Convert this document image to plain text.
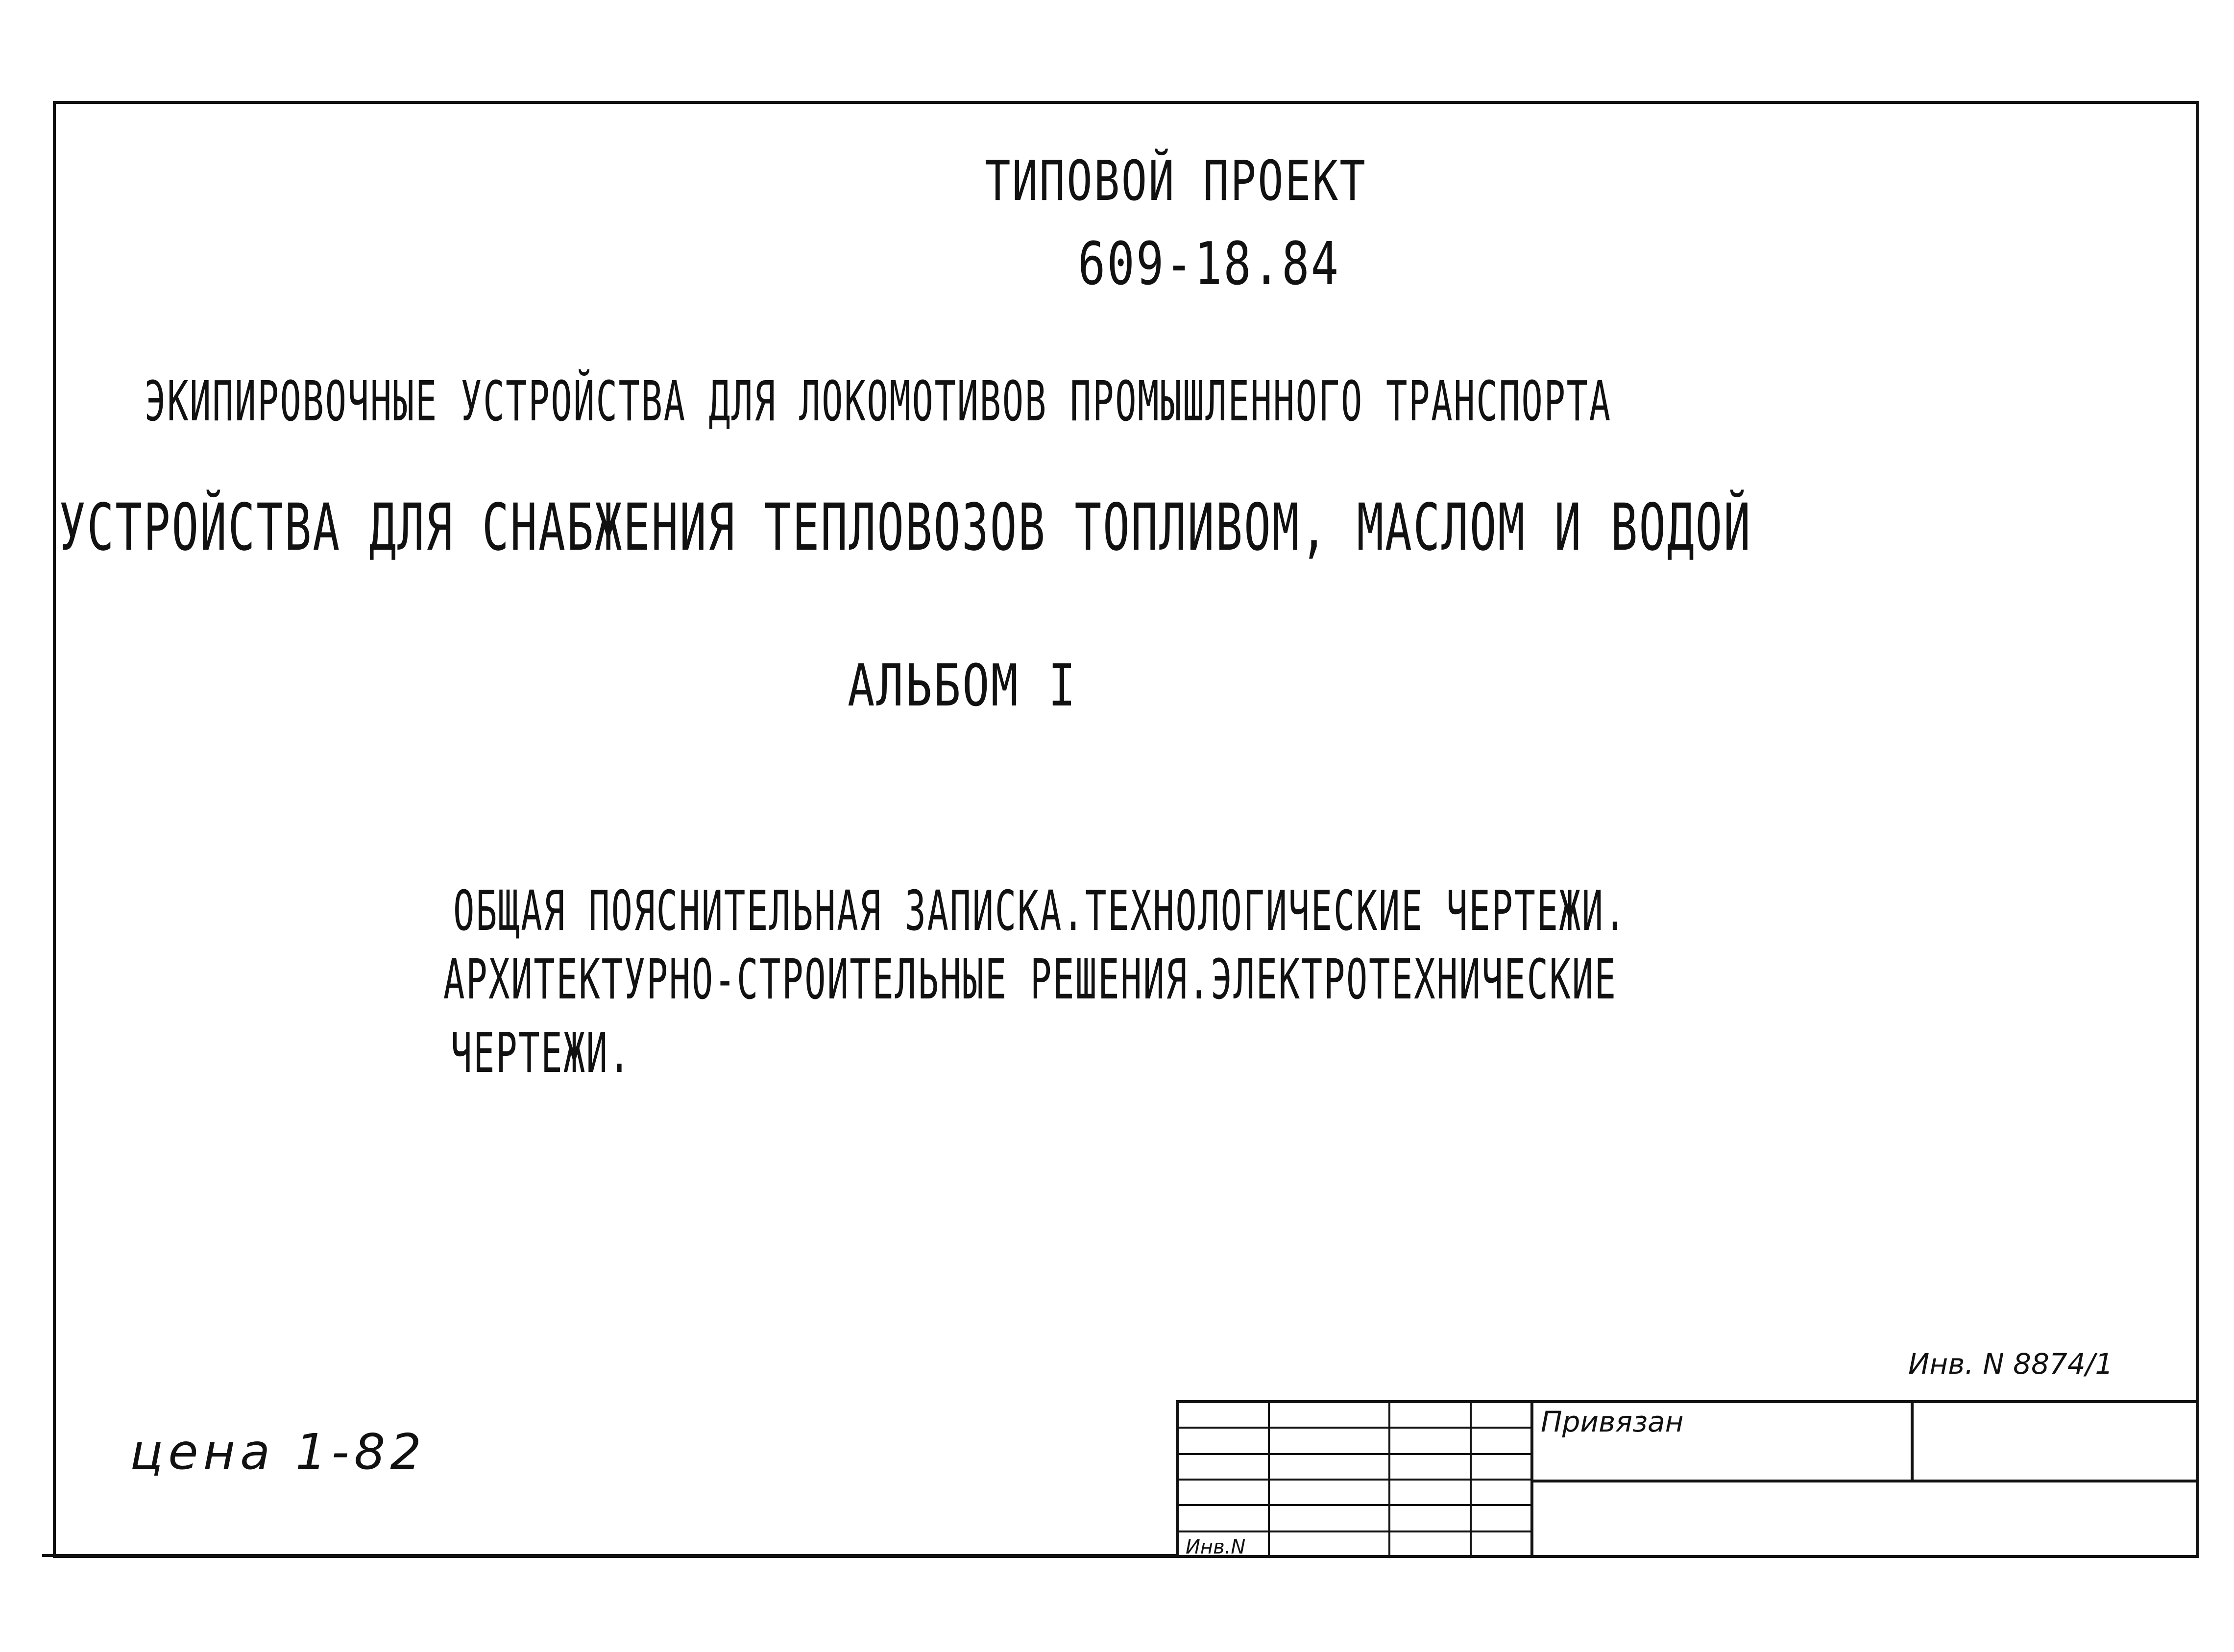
ТИПОВОЙ ПРОЕКТ
609-18.84
ЭКИПИРОВОЧНЫЕ УСТРОЙСТВА ДЛЯ ЛОКОМОТИВОВ ПРОМЫШЛЕННОГО ТРАНСПОРТА
УСТРОЙСТВА ДЛЯ СНАБЖЕНИЯ ТЕПЛОВОЗОВ ТОПЛИВОМ, МАСЛОМ И ВОДОЙ
АЛЬБОМ I
ОБЩАЯ ПОЯСНИТЕЛЬНАЯ ЗАПИСКА.ТЕХНОЛОГИЧЕСКИЕ ЧЕРТЕЖИ.
АРХИТЕКТУРНО-СТРОИТЕЛЬНЫЕ РЕШЕНИЯ.ЭЛЕКТРОТЕХНИЧЕСКИЕ
ЧЕРТЕЖИ.
цена 1-82
Инв. N 8874/1
Привязан
Инв.N
